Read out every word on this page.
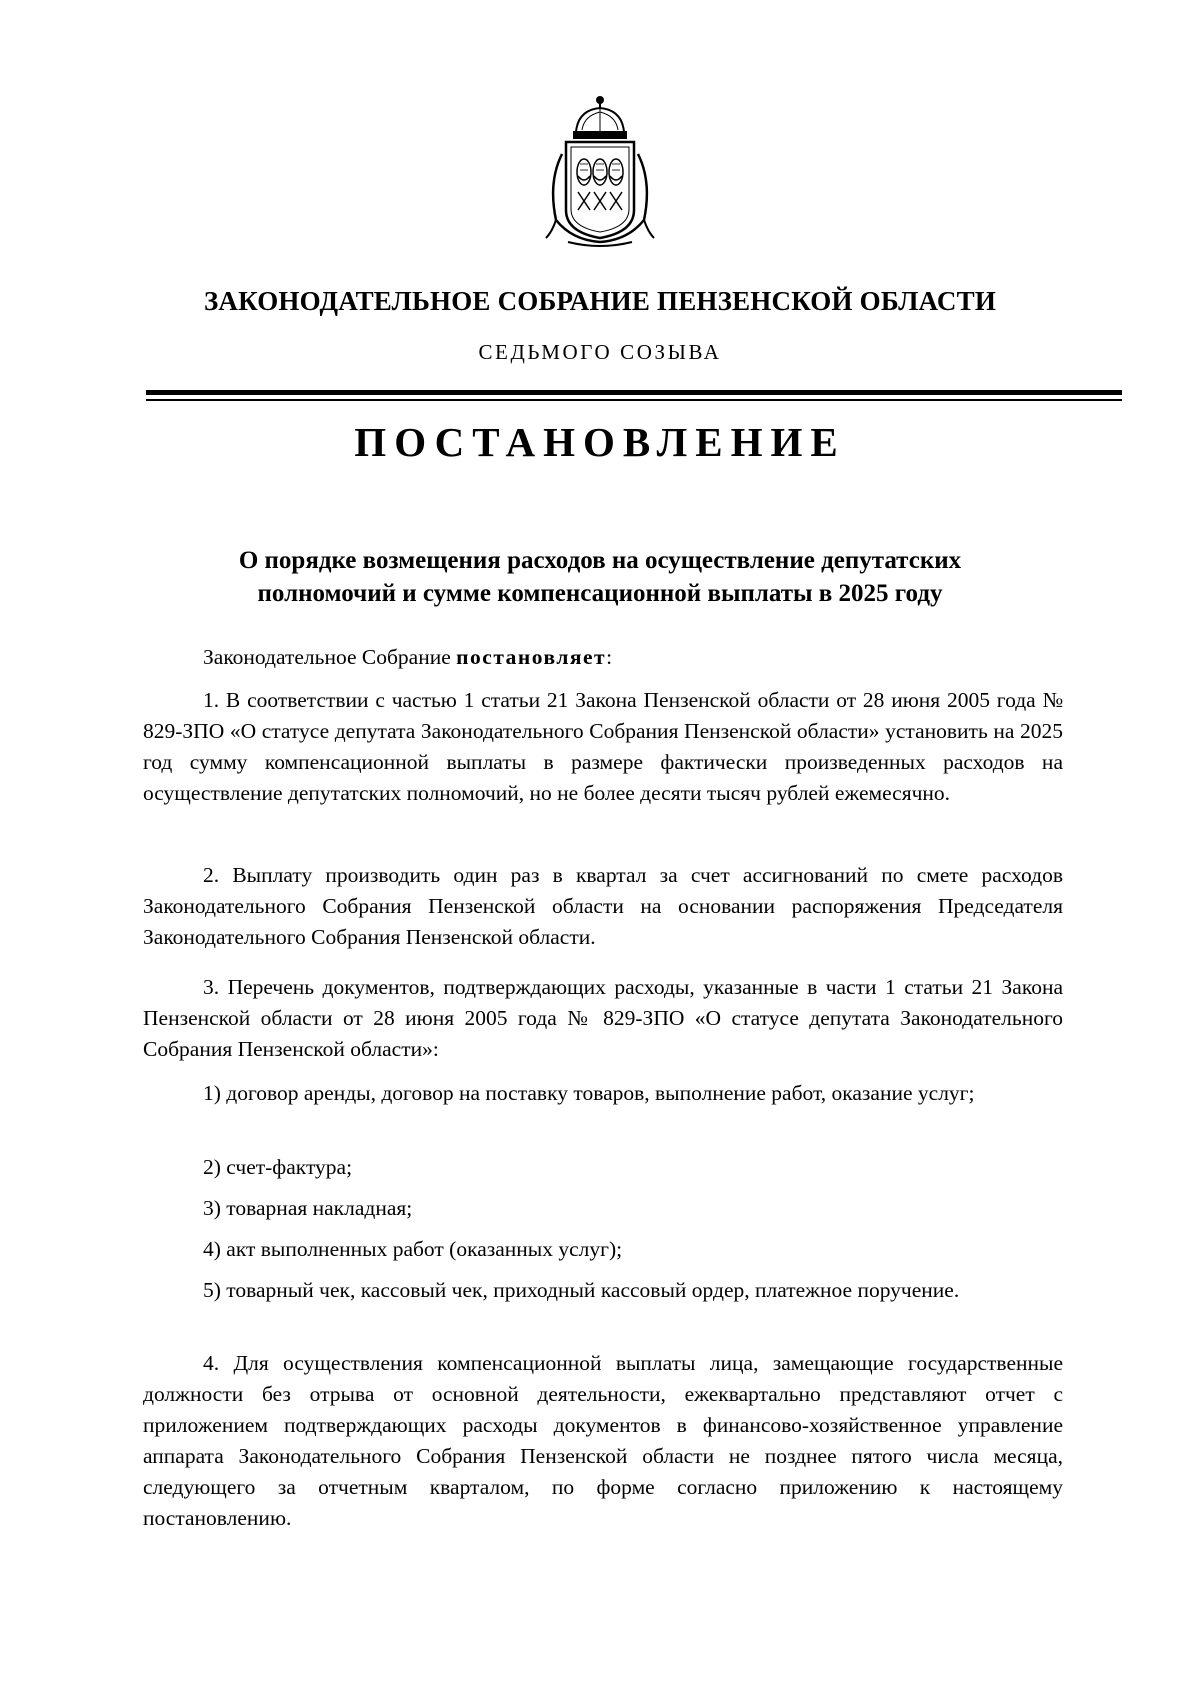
ЗАКОНОДАТЕЛЬНОЕ СОБРАНИЕ ПЕНЗЕНСКОЙ ОБЛАСТИ
СЕДЬМОГО СОЗЫВА
ПОСТАНОВЛЕНИЕ
О порядке возмещения расходов на осуществление депутатских
полномочий и сумме компенсационной выплаты в 2025 году

Законодательное Собрание постановляет:

1. В соответствии с частью 1 статьи 21 Закона Пензенской области от 28 июня 2005 года № 829-ЗПО «О статусе депутата Законодательного Собрания Пензенской области» установить на 2025 год сумму компенсационной выплаты в размере фактически произведенных расходов на осуществление депутатских полномочий, но не более десяти тысяч рублей ежемесячно.

2. Выплату производить один раз в квартал за счет ассигнований по смете расходов Законодательного Собрания Пензенской области на основании распоряжения Председателя Законодательного Собрания Пензенской области.

3. Перечень документов, подтверждающих расходы, указанные в части 1 статьи 21 Закона Пензенской области от 28 июня 2005 года № 829-ЗПО «О статусе депутата Законодательного Собрания Пензенской области»:

1) договор аренды, договор на поставку товаров, выполнение работ, оказание услуг;

2) счет-фактура;

3) товарная накладная;

4) акт выполненных работ (оказанных услуг);

5) товарный чек, кассовый чек, приходный кассовый ордер, платежное поручение.

4. Для осуществления компенсационной выплаты лица, замещающие государственные должности без отрыва от основной деятельности, ежеквартально представляют отчет с приложением подтверждающих расходы документов в финансово-хозяйственное управление аппарата Законодательного Собрания Пензенской области не позднее пятого числа месяца, следующего за отчетным кварталом, по форме согласно приложению к настоящему постановлению.
